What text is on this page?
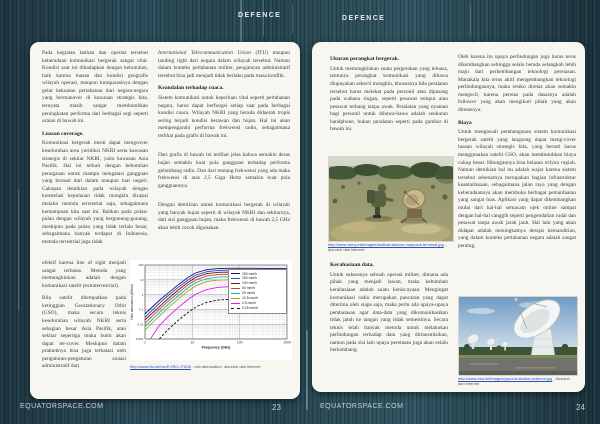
DEFENCE	DEFENCE

Pada kegiatan latihan dan operasi tersebut keberadaan komunikasi bergerak sangat vital. Kondisi saat ini dihadapkan dengan kebutuhan, baik karena luasan dan kondisi geografis wilayah operasi, maupun komparasinya dengan gelar kekuatan pertahanan dari negara-negara yang bermanuver di kawasan strategis kita, ternyata masih sangat membutuhkan peningkatan performa dari berbagai segi seperti uraian di bawah ini.

Luasan coverage.

Komunikasi bergerak mesti dapat mengcover keseluruhan area yuridiksi NKRI serta kawasan strategis di sekitar NKRI, yaitu kawasan Asia Pasifik. Hal ini terkait dengan kebutuhan penugasan untuk mampu mengatasi gangguan yang berasal dari dalam maupun luar negeri. Cakupan demikian pada wilayah dengan konstelasi kepulauan tidak mungkin dicapai melalui metoda terrestrial saja, sebagaimana kemampuan kita saat ini. Bahkan pada pulau-pulau dengan wilayah yang bergunung-gunung, meskipun pada pulau yang tidak terlalu besar, sebagaimana banyak terdapat di Indonesia, metoda terrestrial juga tidak

efektif karena line of sight menjadi sangat terbatas. Metoda yang memungkinkan adalah dengan komunikasi satelit (extraterrestrial).

Bila satelit ditempatkan pada ketinggian Geostationary Orbit (GSO), maka secara teknis keseluruhan wilayah NKRI serta sebagian besar Asia Pasifik, atau sekitar sepertiga muka bumi akan dapat ter-cover. Meskipun dalam prakteknya bisa juga terbatasi oleh pengaturan-pengaturan zonasi administratif dari

International Telecommunication Union (ITU) maupun landing right dari negara dalam wilayah tersebut. Namun dalam konteks pertahanan militer, pengaturan administratif tersebut bisa jadi menjadi tidak berlaku pada masa konflik.

Keandalan terhadap cuaca.

Sistem komunikasi untuk keperluan vital seperti pertahanan negara, harus dapat berfungsi setiap saat pada berbagai kondisi cuaca. Wilayah NKRI yang berada didaerah tropis sering terjadi kondisi berawan dan hujan. Hal ini akan mempengaruhi performa frekwensi radio, sebagaimana terlihat pada grafis di bawah ini.

Dari grafis di bawah ini terlihat jelas bahwa semakin deras hujan semakin kuat pula gangguan terhadap performa gelombang radio. Dan dari rentang frekwensi yang ada maka frekwensi di atas 2,5 Giga Hertz semakin kuat pula gangguannya.

Dengan demikian untuk komunikasi bergerak di wilayah yang banyak hujan seperti di wilayah NKRI dan sekitarnya, dari sisi gangguan hujan, maka frekwensi di bawah 2,5 GHz akan lebih cocok digunakan.

1	10	100	1000
0.001
0.01
0.1
1
10
100
Frequency (GHz)
Rain attenuation (dB/km)
200 mm/h
150 mm/h
100 mm/h
50 mm/h
25 mm/h
12.5 mm/h
2.5 mm/h
0.25 mm/h
http://www.itu.int/rec/R-REC-P.838 , rain attenuation, diunduh dari internet
Ukuran perangkat bergerak.

Untuk memungkinkan suatu pergerakan yang leluasa, tentunya perangkat komunikasi yang dibawa diupayakan sekecil mungkin, khususnya bila peralatan tersebut harus melekat pada personil atau dipasang pada wahana ringan, seperti pesawat tempur atau pesawat terbang tanpa awak. Peralatan yang nyaman bagi personil untuk dibawa-bawa adalah seukuran handphone, bukan peralatan seperti pada gambar di bawah ini.

http://www.army.mil/images/tactical-satcom-manpack-terminal.jpg , diunduh dari internet
Kerahasiaan data.

Untuk suksesnya sebuah operasi militer, dimana ada pihak yang menjadi lawan, maka kebutuhan kerahasiaan adalah suatu keniscayaan. Mengingat komunikasi radio merupakan pancaran yang dapat diterima oleh siapa saja, maka perlu ada upaya-upaya pembatasan agar data-data yang dikomunikasikan tidak jatuh ke tangan yang tidak semestinya. Secara teknis telah banyak metoda untuk melakukan perlindungan terhadap data yang ditransmisikan, namun pada sisi lain upaya peretasan juga akan selalu berkembang.

Oleh karena itu upaya perlindungan juga harus terus dikembangkan sehingga selalu berada selangkah lebih maju dari perkembangan teknologi peretasan. Manakala kita terus aktif mengembangkan teknologi perlindungannya, maka resiko diretas akan semakin mengecil, karena peretas pada dasarnya adalah follower yang akan mengikuti pihak yang akan diretasnya.

Biaya

Untuk mengawali pembangunan sistem komunikasi bergerak satelit yang langsung dapat meng-cover luasan wilayah strategis kita, yang berarti harus menggunakan satelit GSO, akan membutuhkan biaya cukup besar. Hitungannya bisa belasan trilyun rupiah. Namun demikian hal itu adalah wajar karena sistem tersebut sebenarnya merupakan bagian infrastruktur keantariksaan, sebagaimana jalan raya yang dengan keberadaannya akan membuka berbagai pemanfaatan yang sangat luas. Aplikasi yang dapat dikembangkan mulai dari hal-hal semacam ojek online sampai dengan hal-hal canggih seperti pengendalian rudal dan pesawat tanpa awak jarak jauh. Hal lain yang akan didapat adalah meningkatnya derajat kemandirian, yang dalam konteks pertahanan negara adalah sangat penting.

http://www.esa.int/images/ground-station-antenna.jpg , diunduh dari internet
EQUATORSPACE.COM	23	EQUATORSPACE.COM	24
